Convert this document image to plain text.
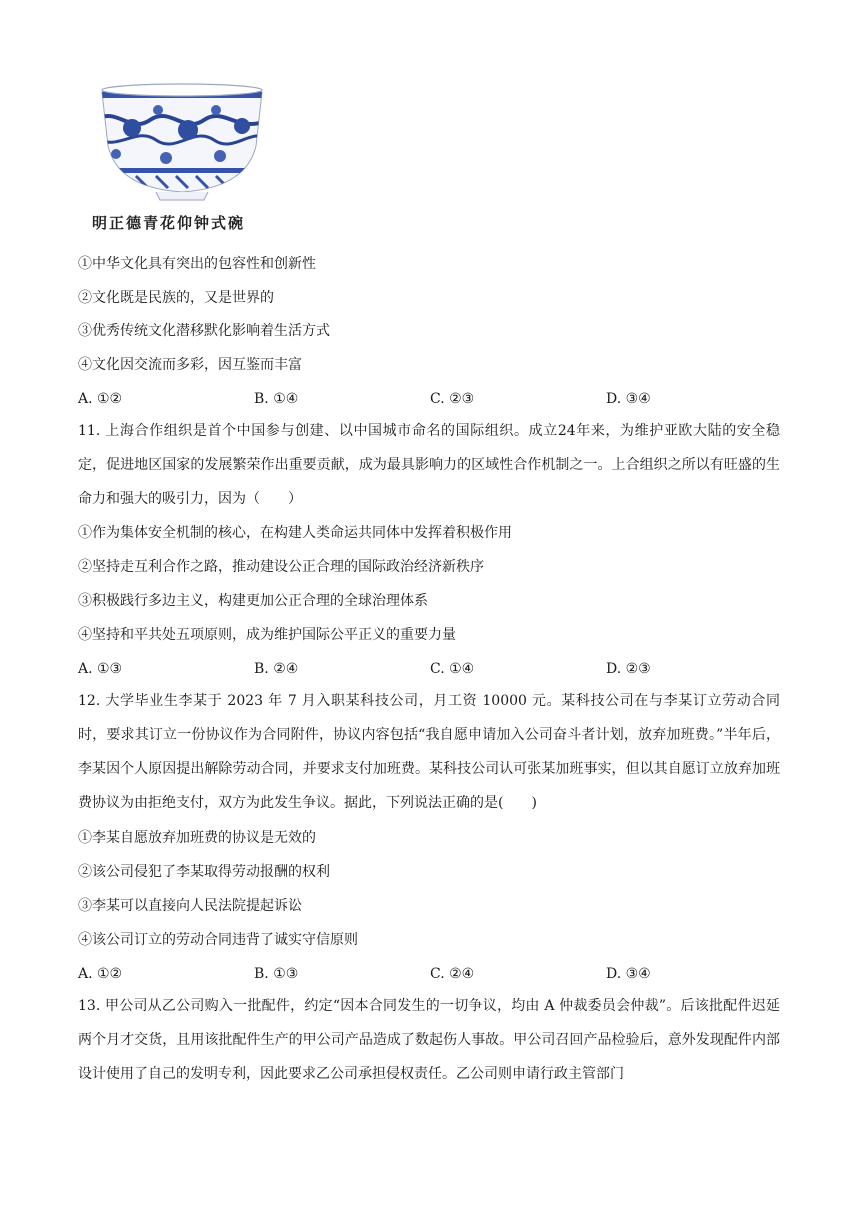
明正德青花仰钟式碗
①中华文化具有突出的包容性和创新性
②文化既是民族的，又是世界的
③优秀传统文化潜移默化影响着生活方式
④文化因交流而多彩，因互鉴而丰富
A. ①②	B. ①④	C. ②③	D. ③④
11. 上海合作组织是首个中国参与创建、以中国城市命名的国际组织。成立24年来，为维护亚欧大陆的安全稳定，促进地区国家的发展繁荣作出重要贡献，成为最具影响力的区域性合作机制之一。上合组织之所以有旺盛的生命力和强大的吸引力，因为（　　）
①作为集体安全机制的核心，在构建人类命运共同体中发挥着积极作用
②坚持走互利合作之路，推动建设公正合理的国际政治经济新秩序
③积极践行多边主义，构建更加公正合理的全球治理体系
④坚持和平共处五项原则，成为维护国际公平正义的重要力量
A. ①③	B. ②④	C. ①④	D. ②③
12. 大学毕业生李某于 2023 年 7 月入职某科技公司，月工资 10000 元。某科技公司在与李某订立劳动合同时，要求其订立一份协议作为合同附件，协议内容包括“我自愿申请加入公司奋斗者计划，放弃加班费。”半年后，李某因个人原因提出解除劳动合同，并要求支付加班费。某科技公司认可张某加班事实，但以其自愿订立放弃加班费协议为由拒绝支付，双方为此发生争议。据此，下列说法正确的是(　　)
①李某自愿放弃加班费的协议是无效的
②该公司侵犯了李某取得劳动报酬的权利
③李某可以直接向人民法院提起诉讼
④该公司订立的劳动合同违背了诚实守信原则
A. ①②	B. ①③	C. ②④	D. ③④
13. 甲公司从乙公司购入一批配件，约定“因本合同发生的一切争议，均由 A 仲裁委员会仲裁”。后该批配件迟延两个月才交货，且用该批配件生产的甲公司产品造成了数起伤人事故。甲公司召回产品检验后，意外发现配件内部设计使用了自己的发明专利，因此要求乙公司承担侵权责任。乙公司则申请行政主管部门
